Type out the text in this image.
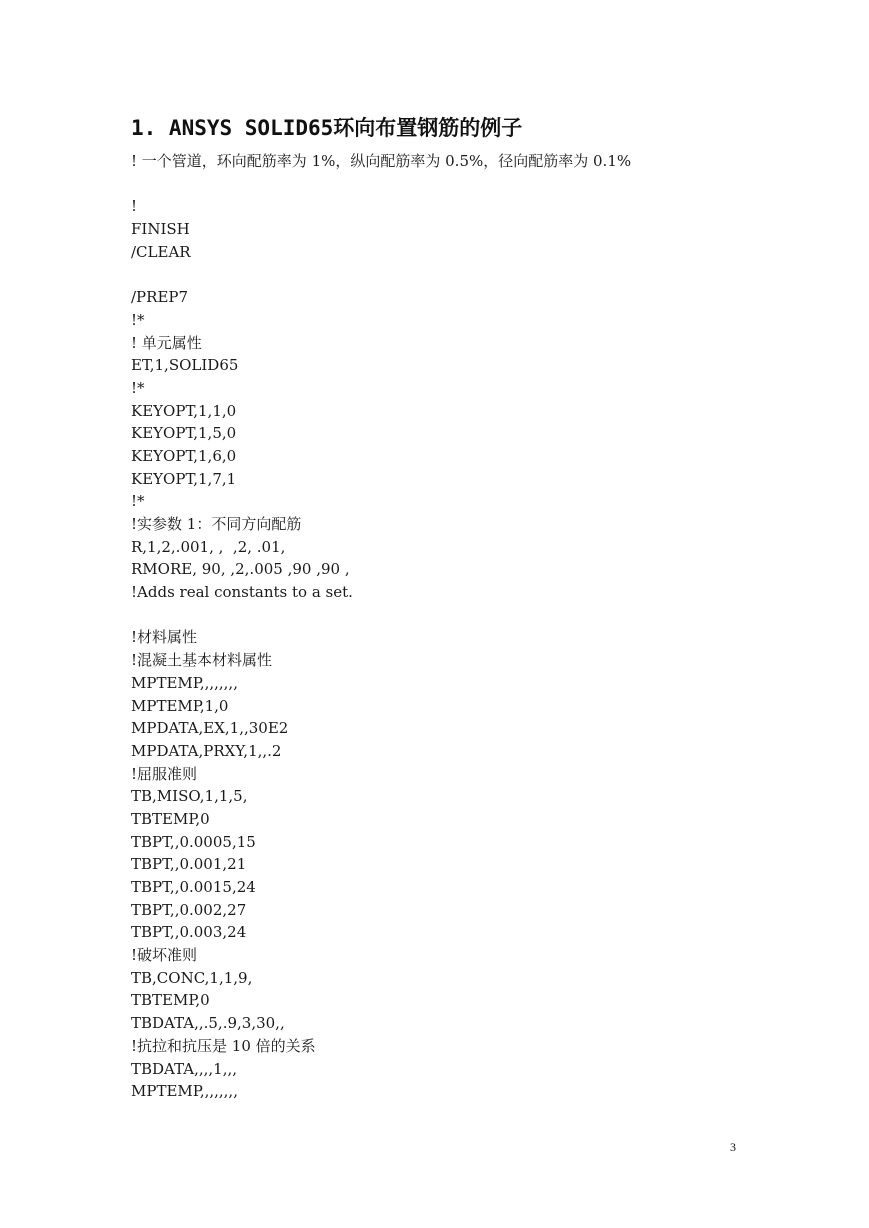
1. ANSYS SOLID65环向布置钢筋的例子
! 一个管道，环向配筋率为 1%，纵向配筋率为 0.5%，径向配筋率为 0.1%
!
FINISH
/CLEAR
/PREP7
!*
! 单元属性
ET,1,SOLID65
!*
KEYOPT,1,1,0
KEYOPT,1,5,0
KEYOPT,1,6,0
KEYOPT,1,7,1
!*
!实参数 1：不同方向配筋
R,1,2,.001, ,  ,2, .01,
RMORE, 90, ,2,.005 ,90 ,90 ,
!Adds real constants to a set.
!材料属性
!混凝土基本材料属性
MPTEMP,,,,,,,,
MPTEMP,1,0
MPDATA,EX,1,,30E2
MPDATA,PRXY,1,,.2
!屈服准则
TB,MISO,1,1,5,
TBTEMP,0
TBPT,,0.0005,15
TBPT,,0.001,21
TBPT,,0.0015,24
TBPT,,0.002,27
TBPT,,0.003,24
!破坏准则
TB,CONC,1,1,9,
TBTEMP,0
TBDATA,,.5,.9,3,30,,
!抗拉和抗压是 10 倍的关系
TBDATA,,,,1,,,
MPTEMP,,,,,,,,
3
